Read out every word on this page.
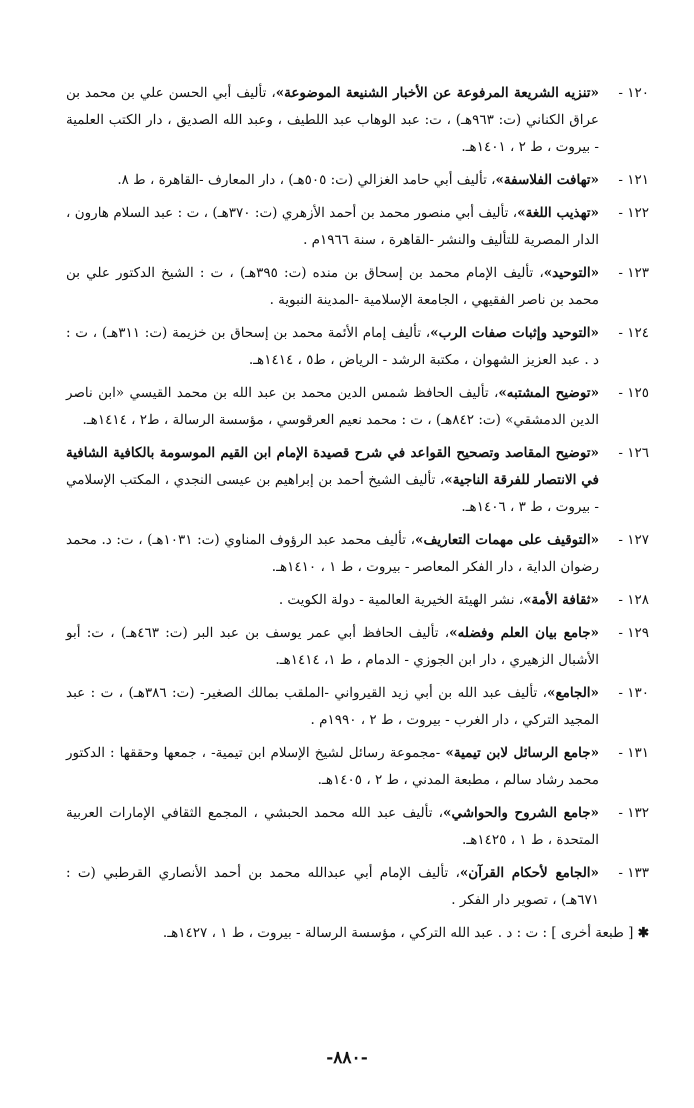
١٢٠ -
«تنزيه الشريعة المرفوعة عن الأخبار الشنيعة الموضوعة»، تأليف أبي الحسن علي بن محمد بن عراق الكناني (ت: ٩٦٣هـ) ، ت: عبد الوهاب عبد اللطيف ، وعبد الله الصديق ، دار الكتب العلمية - بيروت ، ط ٢ ، ١٤٠١هـ.
١٢١ -
«تهافت الفلاسفة»، تأليف أبي حامد الغزالي (ت: ٥٠٥هـ) ، دار المعارف -القاهرة ، ط ٨.
١٢٢ -
«تهذيب اللغة»، تأليف أبي منصور محمد بن أحمد الأزهري (ت: ٣٧٠هـ) ، ت : عبد السلام هارون ، الدار المصرية للتأليف والنشر -القاهرة ، سنة ١٩٦٦م .
١٢٣ -
«التوحيد»، تأليف الإمام محمد بن إسحاق بن منده (ت: ٣٩٥هـ) ، ت : الشيخ الدكتور علي بن محمد بن ناصر الفقيهي ، الجامعة الإسلامية -المدينة النبوية .
١٢٤ -
«التوحيد وإثبات صفات الرب»، تأليف إمام الأئمة محمد بن إسحاق بن خزيمة (ت: ٣١١هـ) ، ت : د . عبد العزيز الشهوان ، مكتبة الرشد - الرياض ، ط٥ ، ١٤١٤هـ.
١٢٥ -
«توضيح المشتبه»، تأليف الحافظ شمس الدين محمد بن عبد الله بن محمد القيسي «ابن ناصر الدين الدمشقي» (ت: ٨٤٢هـ) ، ت : محمد نعيم العرقوسي ، مؤسسة الرسالة ، ط٢ ، ١٤١٤هـ.
١٢٦ -
«توضيح المقاصد وتصحيح القواعد في شرح قصيدة الإمام ابن القيم الموسومة بالكافية الشافية في الانتصار للفرقة الناجية»، تأليف الشيخ أحمد بن إبراهيم بن عيسى النجدي ، المكتب الإسلامي - بيروت ، ط ٣ ، ١٤٠٦هـ.
١٢٧ -
«التوقيف على مهمات التعاريف»، تأليف محمد عبد الرؤوف المناوي (ت: ١٠٣١هـ) ، ت: د. محمد رضوان الداية ، دار الفكر المعاصر - بيروت ، ط ١ ، ١٤١٠هـ.
١٢٨ -
«ثقافة الأمة»، نشر الهيئة الخيرية العالمية - دولة الكويت .
١٢٩ -
«جامع بيان العلم وفضله»، تأليف الحافظ أبي عمر يوسف بن عبد البر (ت: ٤٦٣هـ) ، ت: أبو الأشبال الزهيري ، دار ابن الجوزي - الدمام ، ط ١، ١٤١٤هـ.
١٣٠ -
«الجامع»، تأليف عبد الله بن أبي زيد القيرواني -الملقب بمالك الصغير- (ت: ٣٨٦هـ) ، ت : عبد المجيد التركي ، دار الغرب - بيروت ، ط ٢ ، ١٩٩٠م .
١٣١ -
«جامع الرسائل لابن تيمية» -مجموعة رسائل لشيخ الإسلام ابن تيمية- ، جمعها وحققها : الدكتور محمد رشاد سالم ، مطبعة المدني ، ط ٢ ، ١٤٠٥هـ.
١٣٢ -
«جامع الشروح والحواشي»، تأليف عبد الله محمد الحبشي ، المجمع الثقافي الإمارات العربية المتحدة ، ط ١ ، ١٤٢٥هـ.
١٣٣ -
«الجامع لأحكام القرآن»، تأليف الإمام أبي عبدالله محمد بن أحمد الأنصاري القرطبي (ت : ٦٧١هـ) ، تصوير دار الفكر .
✱ [ طبعة أخرى ] : ت : د . عبد الله التركي ، مؤسسة الرسالة - بيروت ، ط ١ ، ١٤٢٧هـ.
-٨٨٠-
